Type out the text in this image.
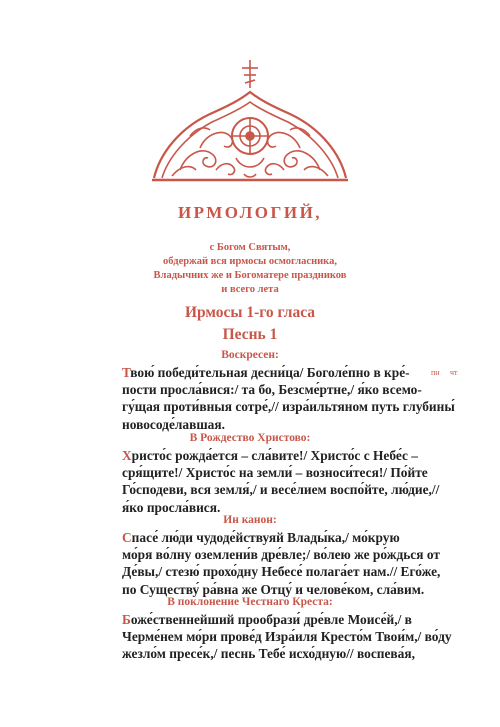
ИРМОЛОГИЙ,
с Богом Святым,
обдержай вся ирмосы осмогласника,
Владычних же и Богоматере праздников
и всего лета
Ирмосы 1-го гласа
Песнь 1
пн чт
Воскресен:
Твою́ победи́тельная десни́ца/ Боголе́пно в кре́-
пости просла́вися:/ та бо, Безсме́ртне,/ я́ко всемо-
гу́щая проти́вныя сотре́,// изра́ильтяном путь глубины́
новосоде́лавшая.
В Рождество Христово:
Христо́с рожда́ется – сла́вите!/ Христо́с с Небе́с –
сря́щите!/ Христо́с на земли́ – возноси́теся!/ По́йте
Го́сподеви, вся земля́,/ и весе́лием воспо́йте, лю́дие,//
я́ко просла́вися.
Ин канон:
Спасе́ лю́ди чудоде́йствуяй Влады́ка,/ мо́крую
мо́ря во́лну оземлени́в дре́вле;/ во́лею же ро́ждься от
Де́вы,/ стезю́ прохо́дну Небесе́ полага́ет нам.// Его́же,
по Существу́ ра́вна же Отцу́ и челове́ком, сла́вим.
В поклонение Честнаго Креста:
Боже́ственнейший прообрази́ дре́вле Моисе́й,/ в
Черме́нем мо́ри прове́д Изра́иля Кресто́м Твои́м,/ во́ду
жезло́м пресе́к,/ песнь Тебе́ исхо́дную// воспева́я,
